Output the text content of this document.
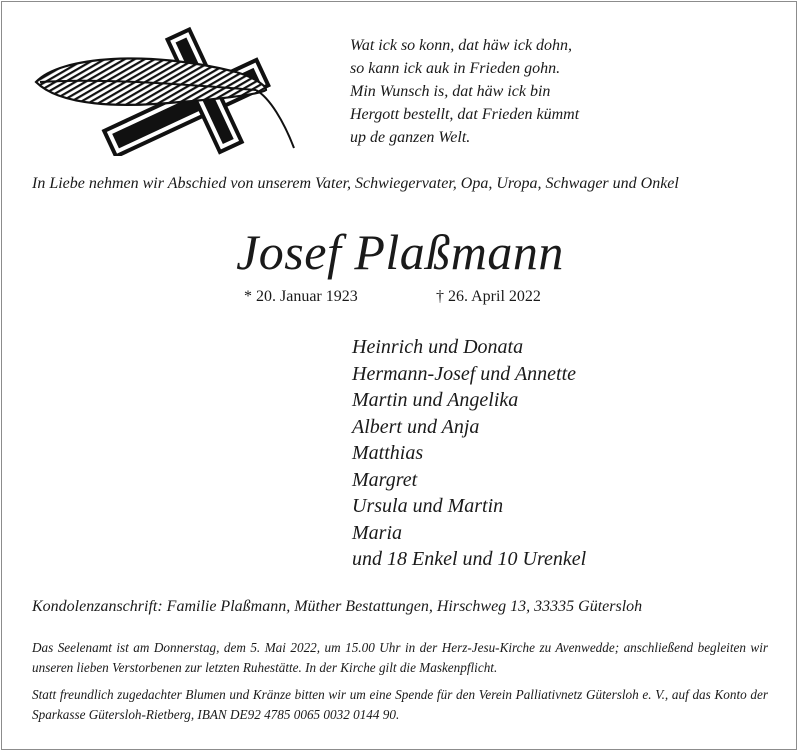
Wat ick so konn, dat häw ick dohn,
so kann ick auk in Frieden gohn.
Min Wunsch is, dat häw ick bin
Hergott bestellt, dat Frieden kümmt
up de ganzen Welt.
In Liebe nehmen wir Abschied von unserem Vater, Schwiegervater, Opa, Uropa, Schwager und Onkel
Josef Plaßmann
* 20. Januar 1923	† 26. April 2022
Heinrich und Donata
Hermann-Josef und Annette
Martin und Angelika
Albert und Anja
Matthias
Margret
Ursula und Martin
Maria
und 18 Enkel und 10 Urenkel
Kondolenzanschrift: Familie Plaßmann, Müther Bestattungen, Hirschweg 13, 33335 Gütersloh
Das Seelenamt ist am Donnerstag, dem 5. Mai 2022, um 15.00 Uhr in der Herz-Jesu-Kirche zu Avenwedde; anschließend begleiten wir unseren lieben Verstorbenen zur letzten Ruhestätte. In der Kirche gilt die Maskenpflicht.
Statt freundlich zugedachter Blumen und Kränze bitten wir um eine Spende für den Verein Palliativnetz Gütersloh e. V., auf das Konto der Sparkasse Gütersloh-Rietberg, IBAN DE92 4785 0065 0032 0144 90.
